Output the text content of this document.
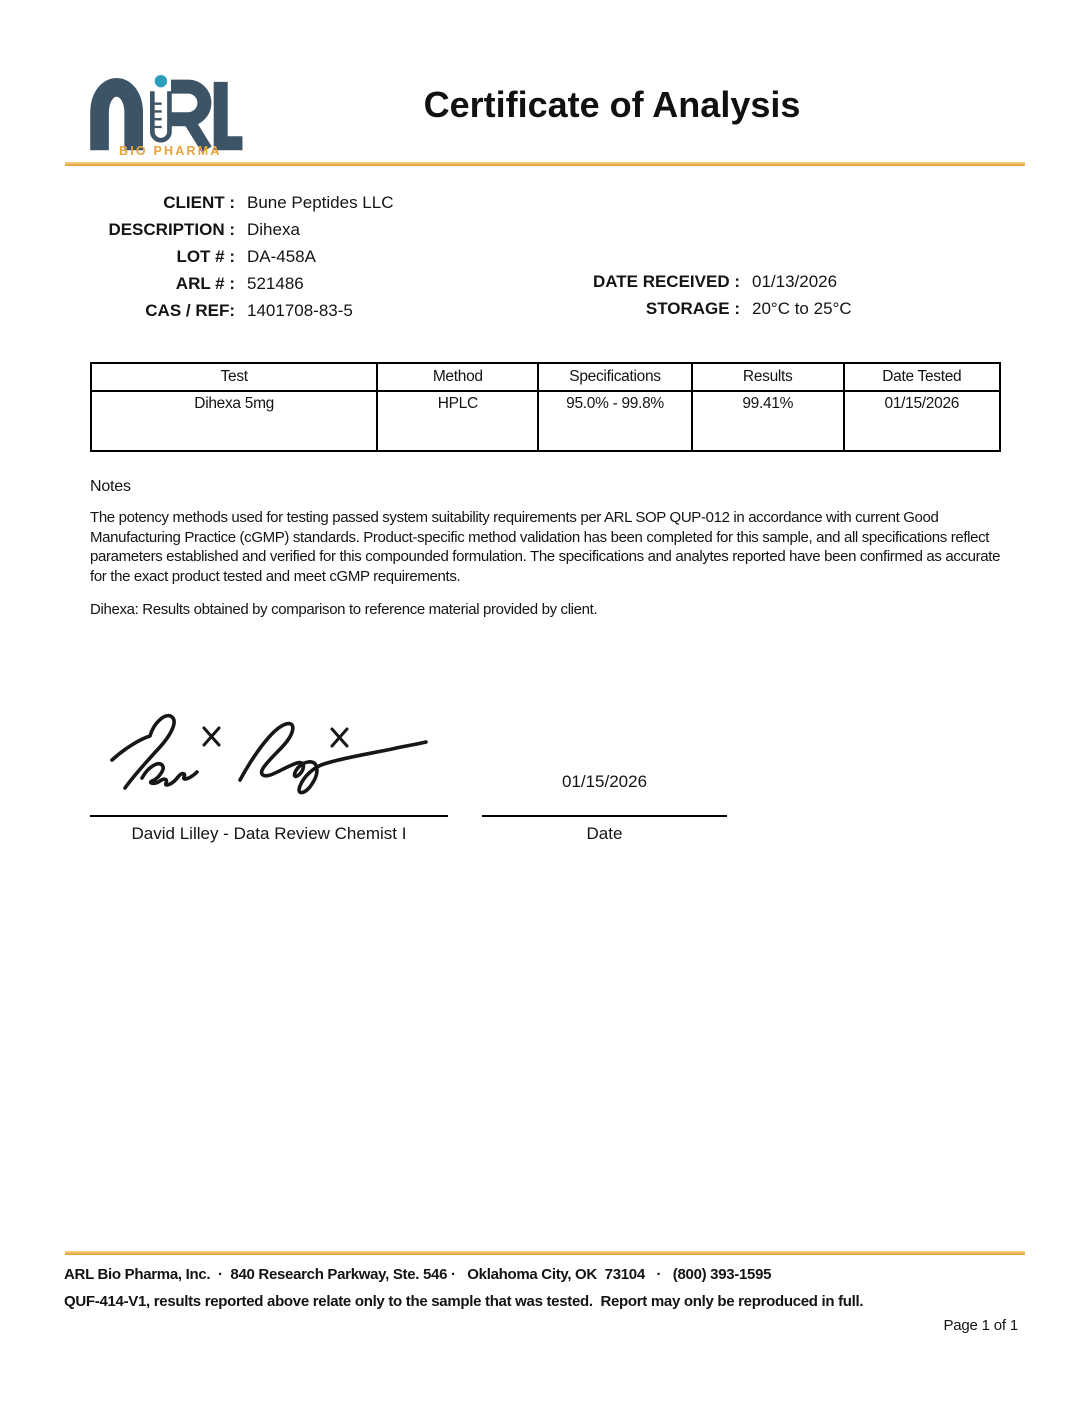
BIO PHARMA
Certificate of Analysis
CLIENT : Bune Peptides LLC
DESCRIPTION : Dihexa
LOT # : DA-458A
ARL # : 521486
CAS / REF: 1401708-83-5
DATE RECEIVED : 01/13/2026
STORAGE : 20°C to 25°C
Test	Method	Specifications	Results	Date Tested
Dihexa 5mg	HPLC	95.0% - 99.8%	99.41%	01/15/2026
Notes
The potency methods used for testing passed system suitability requirements per ARL SOP QUP-012 in accordance with current Good Manufacturing Practice (cGMP) standards. Product-specific method validation has been completed for this sample, and all specifications reflect parameters established and verified for this compounded formulation. The specifications and analytes reported have been confirmed as accurate for the exact product tested and meet cGMP requirements.
Dihexa: Results obtained by comparison to reference material provided by client.
David Lilley - Data Review Chemist I
01/15/2026
Date
ARL Bio Pharma, Inc.  ·  840 Research Parkway, Ste. 546 ·   Oklahoma City, OK  73104   ·   (800) 393-1595
QUF-414-V1, results reported above relate only to the sample that was tested.  Report may only be reproduced in full.
Page 1 of 1
